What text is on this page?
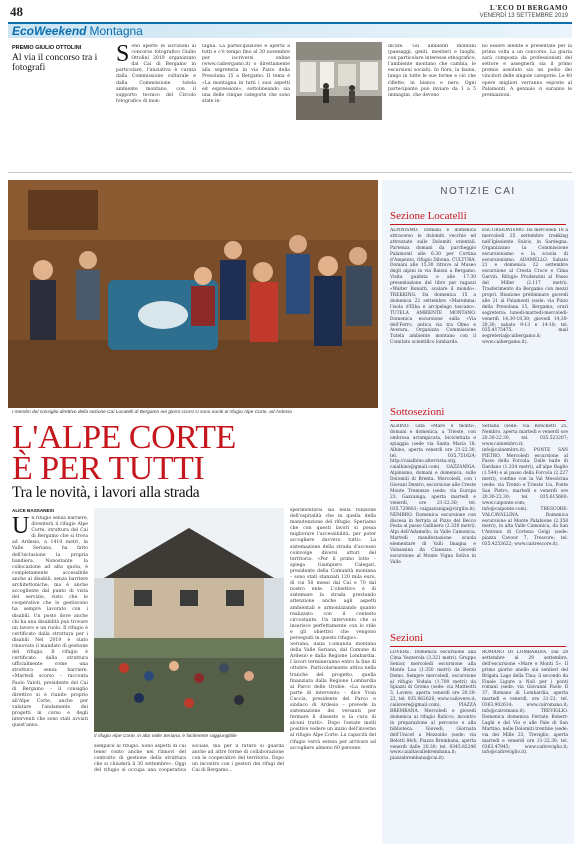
48	L'ECO DI BERGAMO
VENERDÌ 13 SETTEMBRE 2019
EcoWeekend Montagna
PREMIO GIULIO OTTOLINI
Al via il concorso tra i fotografi
Sono aperte le iscrizioni al concorso fotografico Giulio Ottolini 2019 organizzato dal Cai di Bergamo in particolare, l'iniziativa è curata dalla Commissione culturale e dalla Commissione tutela ambiente montano, con il supporto tecnico del Circolo fotografico di mon-
tagna. La partecipazione è aperta a tutti e c'è tempo fino al 30 novembre per iscriversi online (www.caibergamo.it) o direttamente alla segreteria in via Pizzo della Presolana 15 a Bergamo. Il tema è «La montagna in tutti i suoi aspetti ed espressioni», sottolineando sia una delle cinque categorie che sono state in-
dicate. Gli ambienti montani (paesaggi, genti, mestieri e luoghi, con particolare interesse etnografico, l'ambiente montano che cambia, le escursioni sociali). In flora, la fauna, lungo in tutte le sue forme e ciò che riflette, in bianco e nero. Ogni partecipante può inviare da 1 a 5 immagini, che devono
no essere inedite e presentate per la prima volta a un concorso. La giuria sarà composta da professionisti del settore e assegnerà sia il primo premio assoluto sia un podio dei vincitori delle singole categorie. Le 40 opere migliori verranno esposte al Palamonti. A gennaio ci saranno le premiazioni.
I membri del consiglio direttivo della sezione Cai Locatelli di Bergamo nei giorni scorsi si sono riuniti al rifugio Alpe Corte, ad Ardesio
L'ALPE CORTE
È PER TUTTI
Tra le novità, i lavori alla strada
ALICE BASSANESI
Un rifugio senza barriere, diventerà il rifugio Alpe Corte, struttura del Cai di Bergamo che si trova ad Ardesio, a 1410 metri, in Valle Seriana, ha fatto dell'inclusione la propria bandiera. Nonostante la collocazione ad alta quota, è completamente accessibile anche ai disabili, senza barriere architettoniche, ma è anche accogliente dal punto di vista del servizio, visto che le cooperative che lo gestiscono ha sempre lavorato con i disabili. Un posto dove anche chi ha una disabilità può trovare un lavoro e un ruolo. Il rifugio è certificato dalla struttura per i disabili Nel 2019 è stato rinnovato il mandato di gestione del rifugio. Il rifugio è certificato dalla struttura ufficialmente come una struttura senza barriere. «Martedì scorso – racconta Paolo Valoti, presidente del Cai di Bergamo – il consiglio direttivo si è riunito proprio all'Alpe Corte, anche per valutare l'andamento dei progetti in corso e degli interventi che sono stati avviati quest'anno.
Il rifugio Alpe Corte, in alta Valle Seriana, è facilmente raggiungibile
semplice al rifugio. Sono aspetti di cui tener conto anche nei rinnovi del contratto di gestione della struttura che si chiuderà il 30 settembre». Oggi del rifugio si occupa una cooperativa sociale, ma per il futuro si guarda anche ad altre forme di collaborazione con le cooperative del territorio. Dopo un incontro con i gestori dei rifugi del Cai di Bergamo...
sperimentarsi sia nella funzione dell'ospitalità che in quella della manutenzione del rifugio. Speriamo che con questi lavori si possa migliorare l'accessibilità, per poter accogliere davvero tutti». La sistemazione della strada d'accesso coinvolge diversi attori del territorio. «Per il primo lotto – spiega Giampiero Calegari, presidente della Comunità montana – sono stati stanziati 120 mila euro, di cui 50 messi dal Cai e 70 dal nostro ente. L'obiettivo è di sistemare la strada prestando attenzione anche agli aspetti ambientali e armonizzando quanto realizzato con il contesto circostante. Un intervento che si inserisce perfettamente con lo stile e gli obiettivi che vengono perseguiti in questo rifugio».
Seriana, dalla Comunità montana della Valle Seriana, dal Comune di Ardesio e dalla Regione Lombardia. I lavori termineranno entro la fine di ottobre. Particolarmente attiva nella tranche del progetto, quella finanziata dalla Regione Lombardia al Parco delle Orobie. «La nostra parte di intervento – dice Yvan Caccia, presidente del Parco e sindaco di Ardesio – prevede la sistemazione dei versanti per fermare il dissesto e la cura di alcuni tratti». Dopo l'estate molti positive vedere un inizio dell'inverno al rifugio Alpe Corte. La capacità del rifugio verrà estesa per arrivare ad accogliere almeno 60 persone.
NOTIZIE CAI
Sezione Locatelli
ALPINISMO. Domani e domenica attraverso le dolomiti vecchie ed attrezzate sulle Dolomiti orientali. Partenza domani da parcheggio Palamonti alle 6.30 per Cortina d'Ampezzo, rifugio Dibona. CULTURA. Domani alle 15.30 ritrovo al Museo degli alpini in via Baioni a Bergamo. Visita guidata e alle 17.30 presentazione del libro per ragazzi «Walter Bonatti, scalare il mondo». TREKKING. Da domenica 15 a domenica 22 settembre «Maremma: l'isola d'Elba e arcipelago toscano». TUTELA AMBIENTE MONTANO. Domenica escursione sulla «Via dell'Ferro, antica via tra Olmo e Averara. Organizza Commissione Tutela ambiente montano con il Comitato scientifico lombardo.
ESCURSIONISMO. Da mercoledì 18 a mercoledì 25 settembre trekking nell'Iglesiente Sulcis, in Sardegna. Organizzano la Commissione escursionismo e la scuola di escursionismo. ADAMELLO. Sabato 21 e domenica 22 settembre escursione al Cresta Croce e Cima Garvin. Rifugio Prudenzini al Passo del Miller (2.117 metri). Trasferimento da Bergamo con mezzi propri. Riunione preliminare giovedì alle 21 al Palamonti (sede: via Pizzo della Presolana 15, Bergamo; orari segreteria: lunedì-martedì-mercoledì-venerdì 14,30-18,30; giovedì 14,30-20,30; sabato 9-13 e 14-18; tel. 035.4175475, mail segreteria@caibergamo.it; www.caibergamo.it).
Sottosezioni
ALBINO. Gita «Mare e monti», domani e domenica, a Trieste, con ombrosa arrampicata, biciclettata e spiaggia (sede via Santa Maria 18, Albino, aperta venerdì ore 21-22.30, tel. 035.751624; http://caialbino.altervista.org, caialbino@gmail.com). GAZZANIGA. Alpinismo, domani e domenica, sulle Dolomiti di Brenta. Mercoledì, con i Giovani Dentro, escursione alle Creste Monte Tremezzo (sede: via Europa 23, Gazzaniga, aperta martedì e venerdì, ore 21-22.30; tel. 035.720661; caigazzaniga@virgilio.it). NEMBRO. Domenica escursione con discesa in ferrata al Pizzo del Becco Festa al passo Gallinera (2.320 metri). Alpi dell'Adamello, in Valle Camonica. Martedì manifestazione scuola elementare di Valli Imagna e Valsassina da Clanezzo. Giovedì escursione al Monte Vigna Soliva in Valle
Seriana (sede: via Ronchetti 25, Nembro, aperta martedì e venerdì ore 20.30-22.30, tel. 035.523207; www.cainembro.it; info@cainembro.it). PONTE SAN PIETRO. Mercoledì escursione al Passo della Forcola. Dalle baite di Dardano (1.334 metri), all'alpe Baglio (1.544) e al passo della Forcola (2.227 metri), confine con la Val Mesolcina (sede: via Trento e Trieste 1/a, Ponte San Pietro, martedì e venerdì ore 20.30-22.30; tel. 035.615660; www.caiponte.com; info@caiponte.com). TRESCORE-VALCAVALLINA. Domenica escursione al Monte Palabione (2.358 metri), in alta Valle Camonica, da San t'Antonio di Corteno Golgi (sede: piazza Cavour 7, Trescore; tel. 035.4253622; www.caitrescore.it).
Sezioni
LOVERE. Domenica escursione alla Cima Vezzerola (3.321 metri). Gruppo Senior, mercoledì escursione alla Monte Loa (1.350 metri) da Berzo Demo. Sempre mercoledì, escursione al rifugio Vodala (1.700 metri) da Spiazzi di Gromo (sede: via Matteotti 3, Lovere, aperta venerdì ore 20.30-22, tel. 035.962626; www.cailovere.it; cailovere@gmail.com). PIAZZA BREMBANA. Mercoledì e giovedì domenica ai rifugio Balicco, incontro in preparazione al percorso e alla biblioteca. Giovedì, Giornata dell'Unicef a Mezzoldo (sede: via Belotti 84/b, Piazza Brembana, aperta venerdì dalle 20.30; tel. 0345.82246 www.caialtavallebrembana.it; piazzabrembana@cai.it).
ROMANO DI LOMBARDIA. Dal 28 settembre al 29 settembre, dell'escursione «Mare e Monti 5». Il primo giorno anello sui sentieri del Brigata Lago della Tina; il secondo da Finale Ligure a Noli per i ponti romani (sede: via Giovanni Paolo II 37, Romano di Lombardia, aperta martedì e venerdì, ore 21-23, tel. 0363.902614; www.cairomano.it; info@cairomano.it). TREVIGLIO. Domenica domenica Ferrate Bobert-Laghi e del Vio e alle Pale di San Martino, nelle Dolomiti trentine (sede: via dei Mille 23, Treviglio, aperta martedì e venerdì ore 21-22.30; tel. 0363.47945; www.caitreviglio.it; info@caitreviglio.it).
